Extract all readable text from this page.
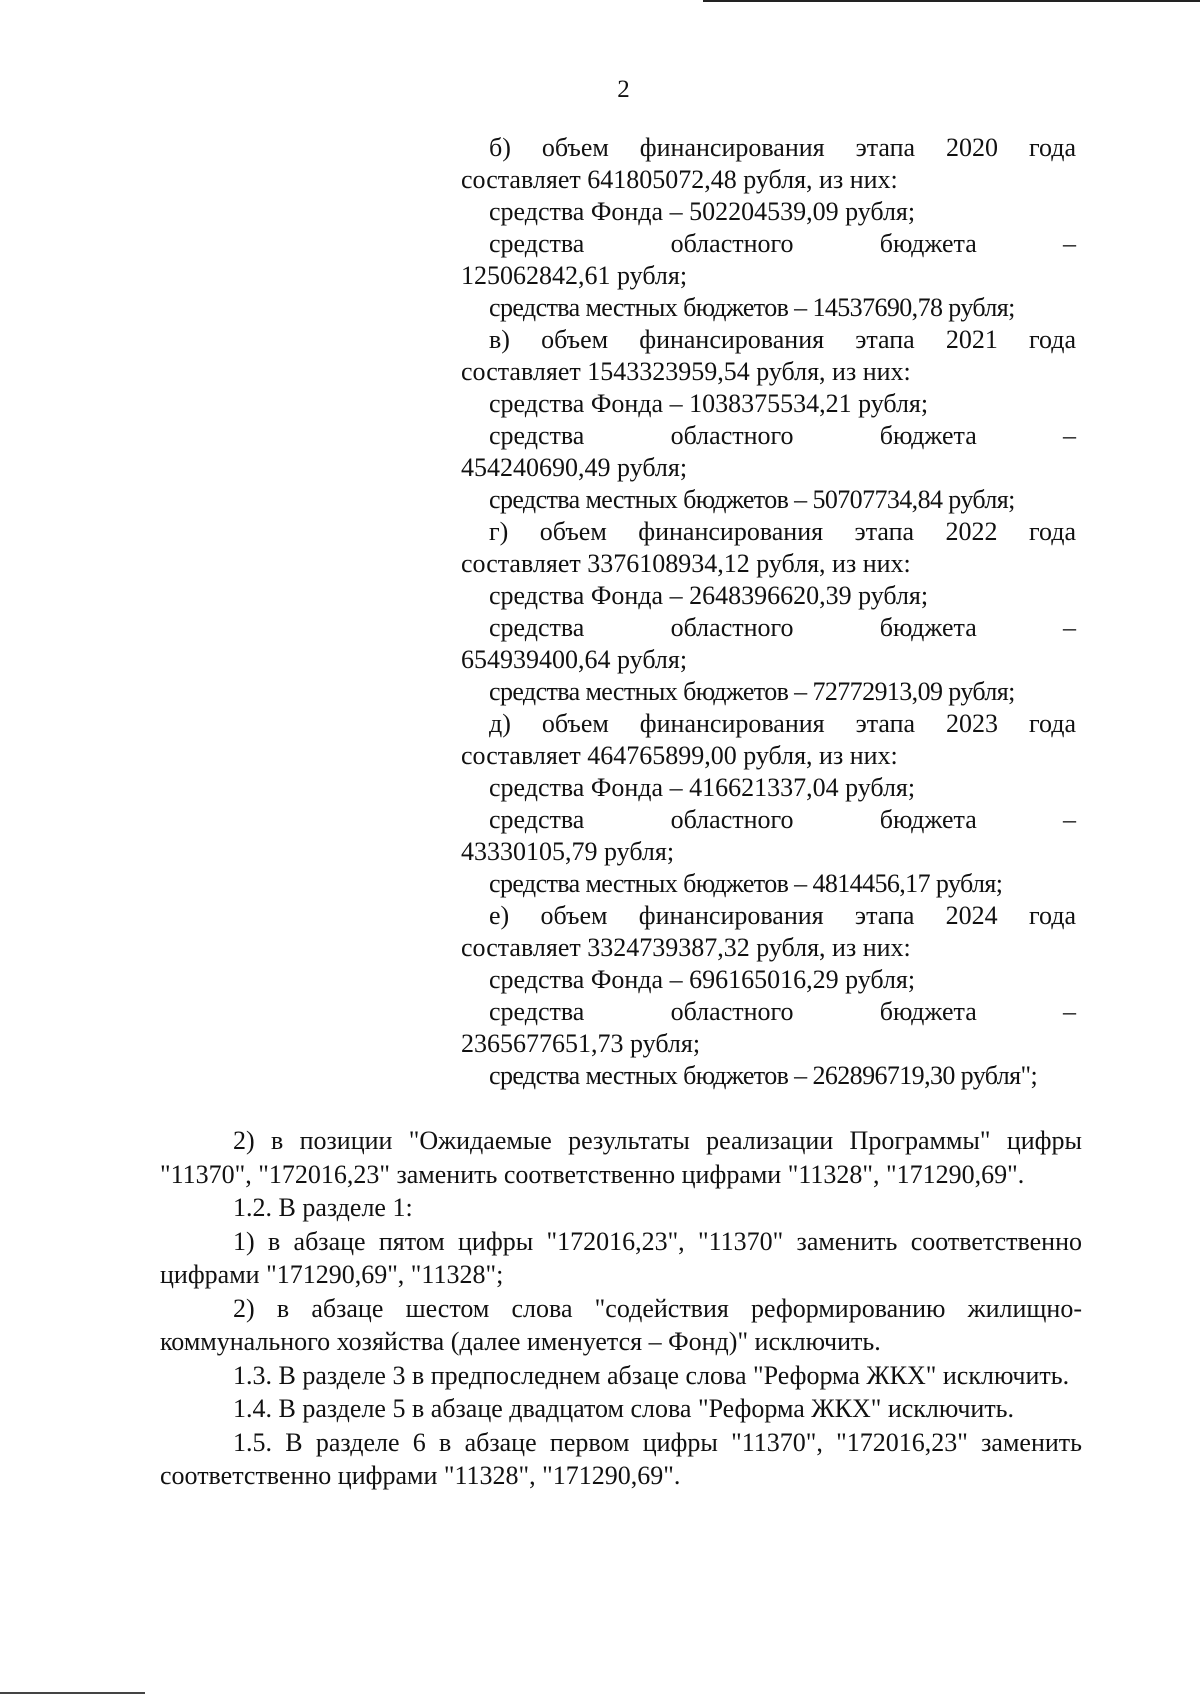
2

б) объем финансирования этапа 2020 года составляет 641805072,48 рубля, из них:

средства Фонда – 502204539,09 рубля;

средства областного бюджета –

125062842,61 рубля;

средства местных бюджетов – 14537690,78 рубля;

в) объем финансирования этапа 2021 года составляет 1543323959,54 рубля, из них:

средства Фонда – 1038375534,21 рубля;

средства областного бюджета –

454240690,49 рубля;

средства местных бюджетов – 50707734,84 рубля;

г) объем финансирования этапа 2022 года составляет 3376108934,12 рубля, из них:

средства Фонда – 2648396620,39 рубля;

средства областного бюджета –

654939400,64 рубля;

средства местных бюджетов – 72772913,09 рубля;

д) объем финансирования этапа 2023 года составляет 464765899,00 рубля, из них:

средства Фонда – 416621337,04 рубля;

средства областного бюджета –

43330105,79 рубля;

средства местных бюджетов – 4814456,17 рубля;

е) объем финансирования этапа 2024 года составляет 3324739387,32 рубля, из них:

средства Фонда – 696165016,29 рубля;

средства областного бюджета –

2365677651,73 рубля;

средства местных бюджетов – 262896719,30 рубля";

2) в позиции "Ожидаемые результаты реализации Программы" цифры "11370", "172016,23" заменить соответственно цифрами "11328", "171290,69".

1.2. В разделе 1:

1) в абзаце пятом цифры "172016,23", "11370" заменить соответственно цифрами "171290,69", "11328";

2) в абзаце шестом слова "содействия реформированию жилищно-коммунального хозяйства (далее именуется – Фонд)" исключить.

1.3. В разделе 3 в предпоследнем абзаце слова "Реформа ЖКХ" исключить.

1.4. В разделе 5 в абзаце двадцатом слова "Реформа ЖКХ" исключить.

1.5. В разделе 6 в абзаце первом цифры "11370", "172016,23" заменить соответственно цифрами "11328", "171290,69".
